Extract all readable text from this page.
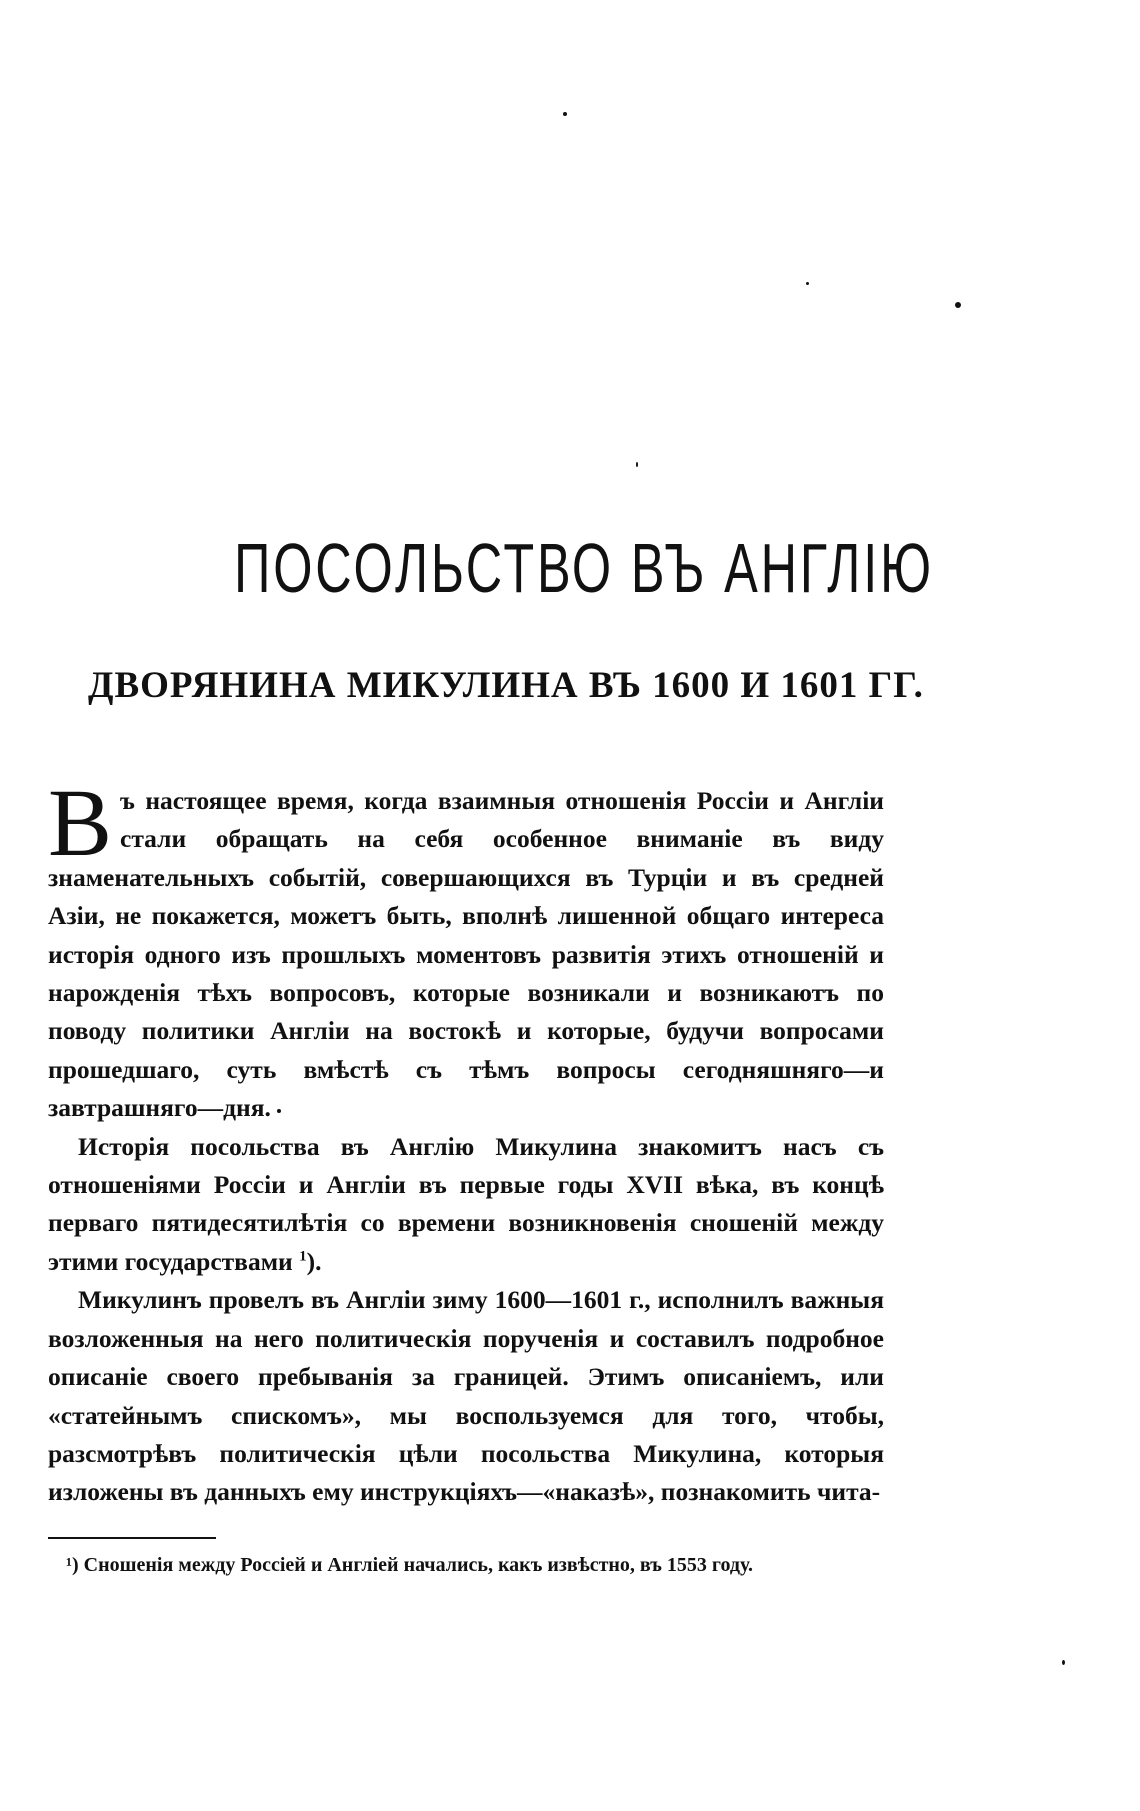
ПОСОЛЬСТВО ВЪ АНГЛІЮ
ДВОРЯНИНА МИКУЛИНА ВЪ 1600 И 1601 ГГ.

Въ настоящее время, когда взаимныя отношенія Россіи и Англіи стали обращать на себя особенное вниманіе въ виду знаменательныхъ событій, совершающихся въ Турціи и въ средней Азіи, не покажется, можетъ быть, вполнѣ лишенной общаго интереса исторія одного изъ прошлыхъ моментовъ развитія этихъ отношеній и нарожденія тѣхъ вопросовъ, которые возникали и возникаютъ по поводу политики Англіи на востокѣ и которые, будучи вопросами прошедшаго, суть вмѣстѣ съ тѣмъ вопросы сегодняшняго—и завтрашняго—дня.

Исторія посольства въ Англію Микулина знакомитъ насъ съ отношеніями Россіи и Англіи въ первые годы XVII вѣка, въ концѣ перваго пятидесятилѣтія со времени возникновенія сношеній между этими государствами $^1$).

Микулинъ провелъ въ Англіи зиму 1600—1601 г., исполнилъ важныя возложенныя на него политическія порученія и составилъ подробное описаніе своего пребыванія за границей. Этимъ описаніемъ, или «статейнымъ спискомъ», мы воспользуемся для того, чтобы, разсмотрѣвъ политическія цѣли посольства Микулина, которыя изложены въ данныхъ ему инструкціяхъ—«наказѣ», познакомить чита-

¹) Сношенія между Россіей и Англіей начались, какъ извѣстно, въ 1553 году.
